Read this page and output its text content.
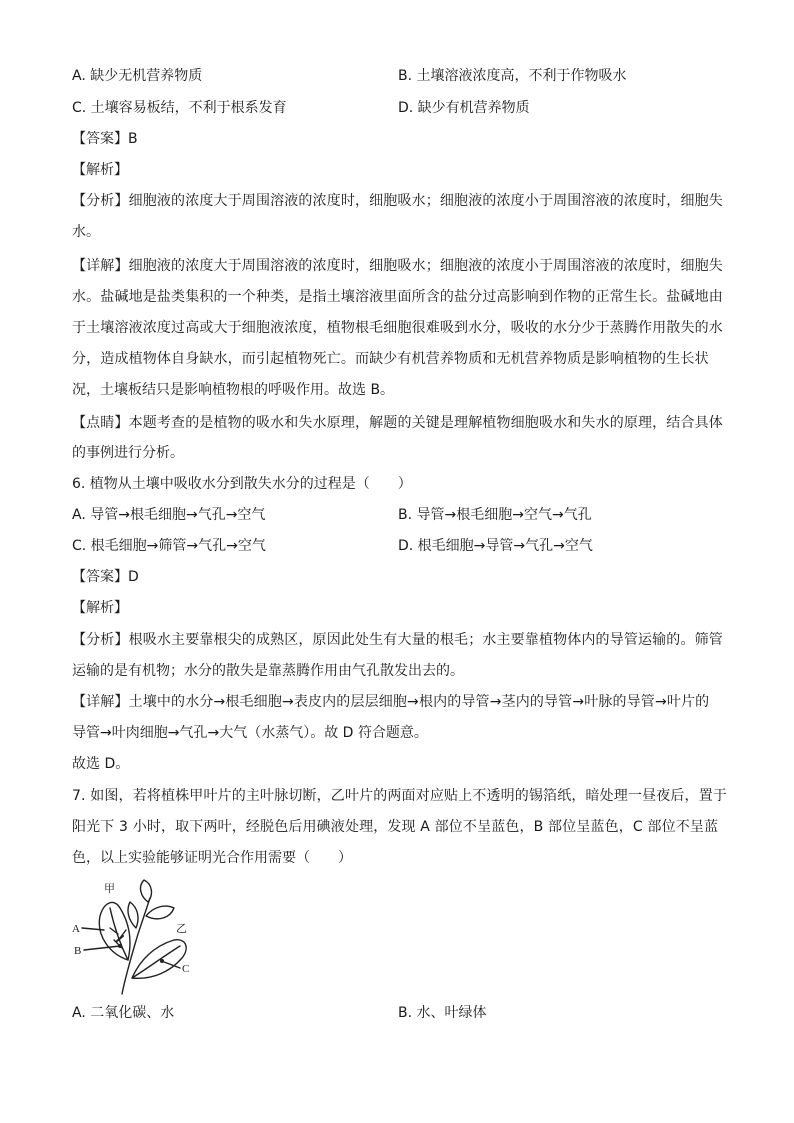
A. 缺少无机营养物质	B. 土壤溶液浓度高，不利于作物吸水
C. 土壤容易板结，不利于根系发育	D. 缺少有机营养物质
【答案】B
【解析】
【分析】细胞液的浓度大于周围溶液的浓度时，细胞吸水；细胞液的浓度小于周围溶液的浓度时，细胞失
水。
【详解】细胞液的浓度大于周围溶液的浓度时，细胞吸水；细胞液的浓度小于周围溶液的浓度时，细胞失
水。盐碱地是盐类集积的一个种类，是指土壤溶液里面所含的盐分过高影响到作物的正常生长。盐碱地由
于土壤溶液浓度过高或大于细胞液浓度，植物根毛细胞很难吸到水分，吸收的水分少于蒸腾作用散失的水
分，造成植物体自身缺水，而引起植物死亡。而缺少有机营养物质和无机营养物质是影响植物的生长状
况，土壤板结只是影响植物根的呼吸作用。故选 B。
【点睛】本题考查的是植物的吸水和失水原理，解题的关键是理解植物细胞吸水和失水的原理，结合具体
的事例进行分析。
6. 植物从土壤中吸收水分到散失水分的过程是（　　）
A. 导管→根毛细胞→气孔→空气	B. 导管→根毛细胞→空气→气孔
C. 根毛细胞→筛管→气孔→空气	D. 根毛细胞→导管→气孔→空气
【答案】D
【解析】
【分析】根吸水主要靠根尖的成熟区，原因此处生有大量的根毛；水主要靠植物体内的导管运输的。筛管
运输的是有机物；水分的散失是靠蒸腾作用由气孔散发出去的。
【详解】土壤中的水分→根毛细胞→表皮内的层层细胞→根内的导管→茎内的导管→叶脉的导管→叶片的
导管→叶肉细胞→气孔→大气（水蒸气）。故 D 符合题意。
故选 D。
7. 如图，若将植株甲叶片的主叶脉切断，乙叶片的两面对应贴上不透明的锡箔纸，暗处理一昼夜后，置于
阳光下 3 小时，取下两叶，经脱色后用碘液处理，发现 A 部位不呈蓝色，B 部位呈蓝色，C 部位不呈蓝
色，以上实验能够证明光合作用需要（　　）
甲
乙
A
B
C
A. 二氧化碳、水	B. 水、叶绿体
